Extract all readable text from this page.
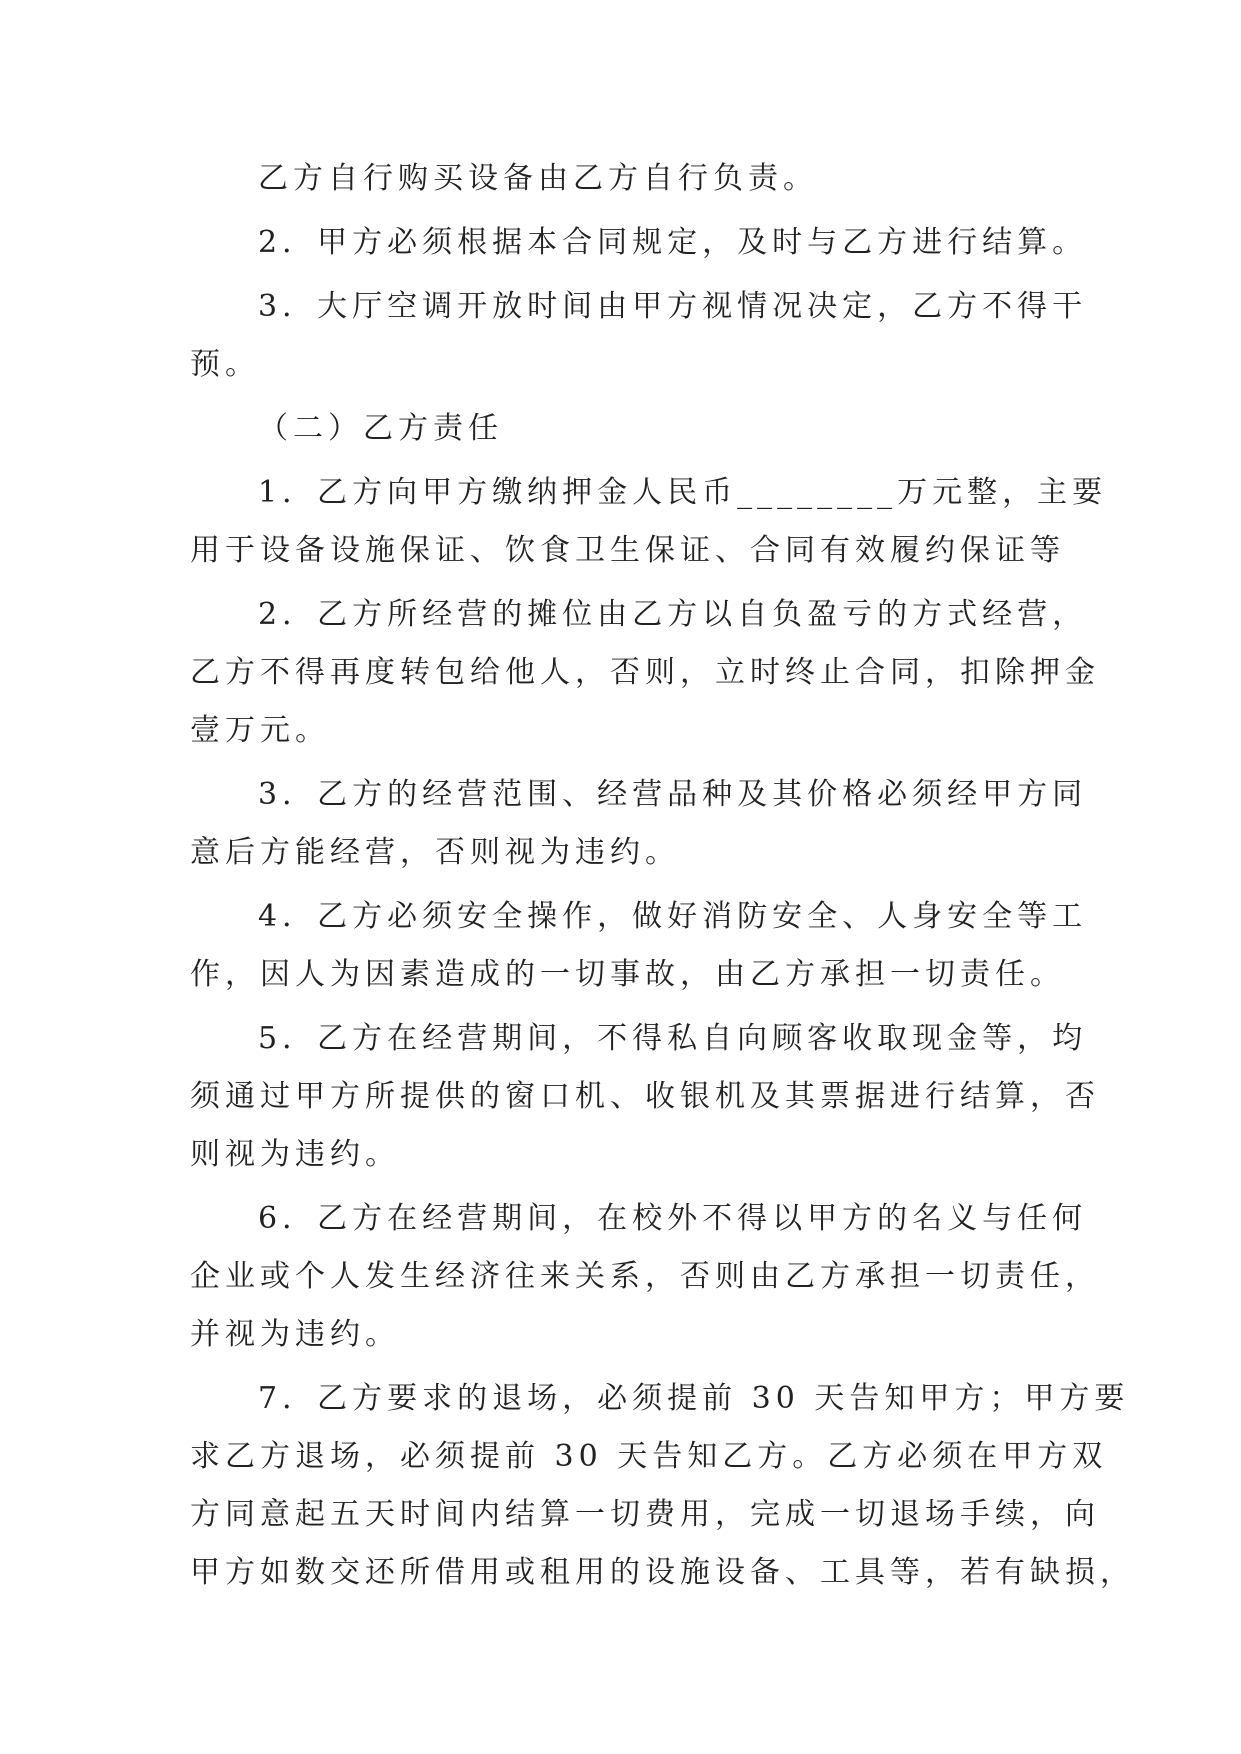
乙方自行购买设备由乙方自行负责。
2．甲方必须根据本合同规定，及时与乙方进行结算。
3．大厅空调开放时间由甲方视情况决定，乙方不得干
预。
（二）乙方责任
1．乙方向甲方缴纳押金人民币________万元整，主要
用于设备设施保证、饮食卫生保证、合同有效履约保证等
2．乙方所经营的摊位由乙方以自负盈亏的方式经营，
乙方不得再度转包给他人，否则，立时终止合同，扣除押金
壹万元。
3．乙方的经营范围、经营品种及其价格必须经甲方同
意后方能经营，否则视为违约。
4．乙方必须安全操作，做好消防安全、人身安全等工
作，因人为因素造成的一切事故，由乙方承担一切责任。
5．乙方在经营期间，不得私自向顾客收取现金等，均
须通过甲方所提供的窗口机、收银机及其票据进行结算，否
则视为违约。
6．乙方在经营期间，在校外不得以甲方的名义与任何
企业或个人发生经济往来关系，否则由乙方承担一切责任，
并视为违约。
7．乙方要求的退场，必须提前 30 天告知甲方；甲方要
求乙方退场，必须提前 30 天告知乙方。乙方必须在甲方双
方同意起五天时间内结算一切费用，完成一切退场手续，向
甲方如数交还所借用或租用的设施设备、工具等，若有缺损，
